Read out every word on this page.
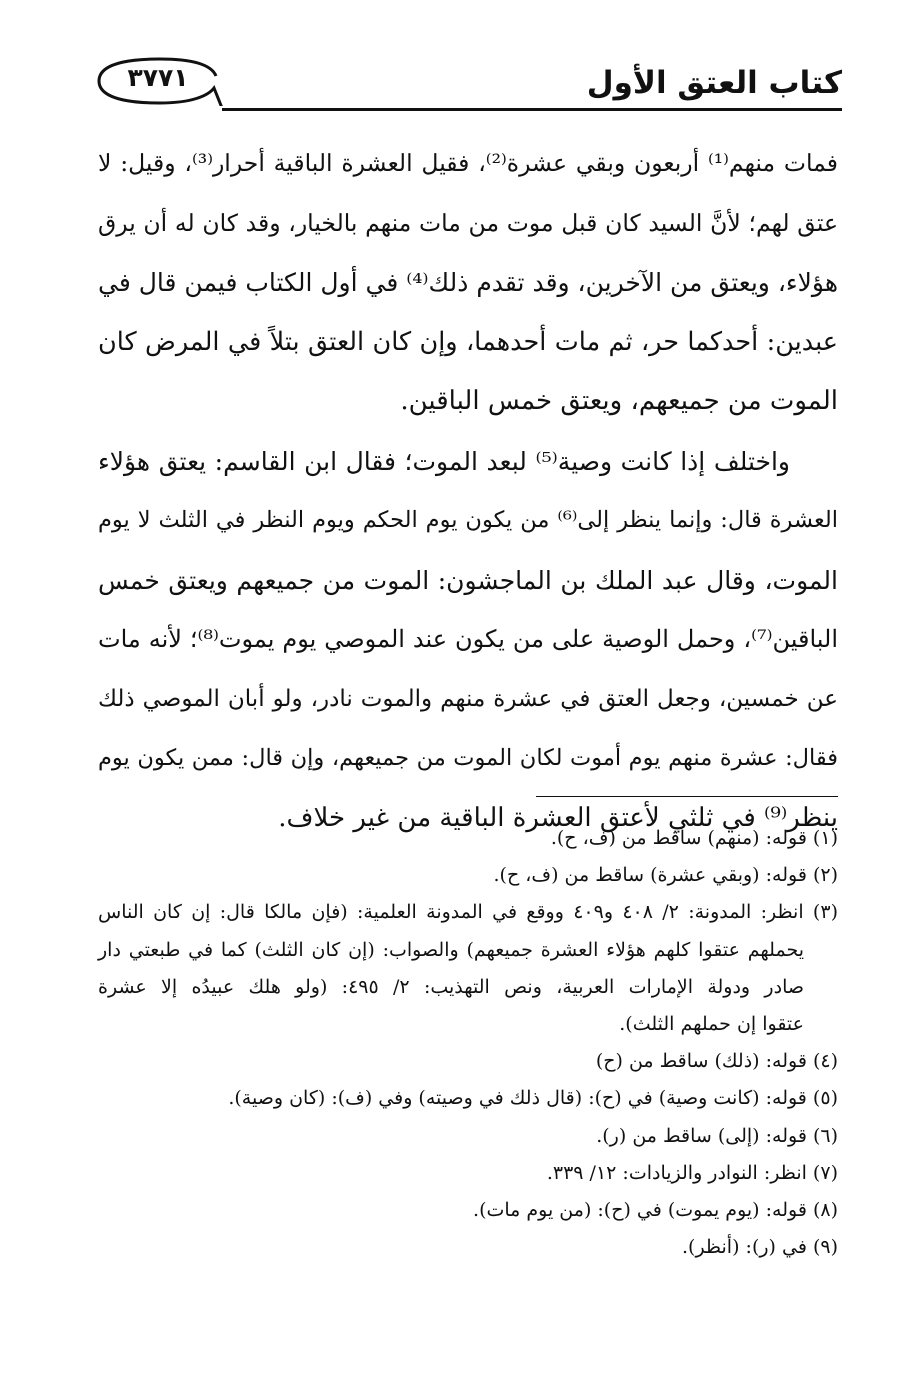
٣٧٧١	كتاب العتق الأول
فمات منهم⁽¹⁾ أربعون وبقي عشرة⁽²⁾، فقيل العشرة الباقية أحرار⁽³⁾، وقيل: لا
عتق لهم؛ لأنَّ السيد كان قبل موت من مات منهم بالخيار، وقد كان له أن يرق
هؤلاء، ويعتق من الآخرين، وقد تقدم ذلك⁽⁴⁾ في أول الكتاب فيمن قال في
عبدين: أحدكما حر، ثم مات أحدهما، وإن كان العتق بتلاً في المرض كان
الموت من جميعهم، ويعتق خمس الباقين.
واختلف إذا كانت وصية⁽⁵⁾ لبعد الموت؛ فقال ابن القاسم: يعتق هؤلاء
العشرة قال: وإنما ينظر إلى⁽⁶⁾ من يكون يوم الحكم ويوم النظر في الثلث لا يوم
الموت، وقال عبد الملك بن الماجشون: الموت من جميعهم ويعتق خمس
الباقين⁽⁷⁾، وحمل الوصية على من يكون عند الموصي يوم يموت⁽⁸⁾؛ لأنه مات
عن خمسين، وجعل العتق في عشرة منهم والموت نادر، ولو أبان الموصي ذلك
فقال: عشرة منهم يوم أموت لكان الموت من جميعهم، وإن قال: ممن يكون يوم
ينظر⁽⁹⁾ في ثلثي لأعتق العشرة الباقية من غير خلاف.
(١) قوله: (منهم) ساقط من (ف، ح).
(٢) قوله: (وبقي عشرة) ساقط من (ف، ح).
(٣) انظر: المدونة: ٢/ ٤٠٨ و٤٠٩ ووقع في المدونة العلمية: (فإن مالكا قال: إن كان الناس
يحملهم عتقوا كلهم هؤلاء العشرة جميعهم) والصواب: (إن كان الثلث) كما في طبعتي دار
صادر ودولة الإمارات العربية، ونص التهذيب: ٢/ ٤٩٥: (ولو هلك عبيدُه إلا عشرة
عتقوا إن حملهم الثلث).
(٤) قوله: (ذلك) ساقط من (ح)
(٥) قوله: (كانت وصية) في (ح): (قال ذلك في وصيته) وفي (ف): (كان وصية).
(٦) قوله: (إلى) ساقط من (ر).
(٧) انظر: النوادر والزيادات: ١٢/ ٣٣٩.
(٨) قوله: (يوم يموت) في (ح): (من يوم مات).
(٩) في (ر): (أنظر).
